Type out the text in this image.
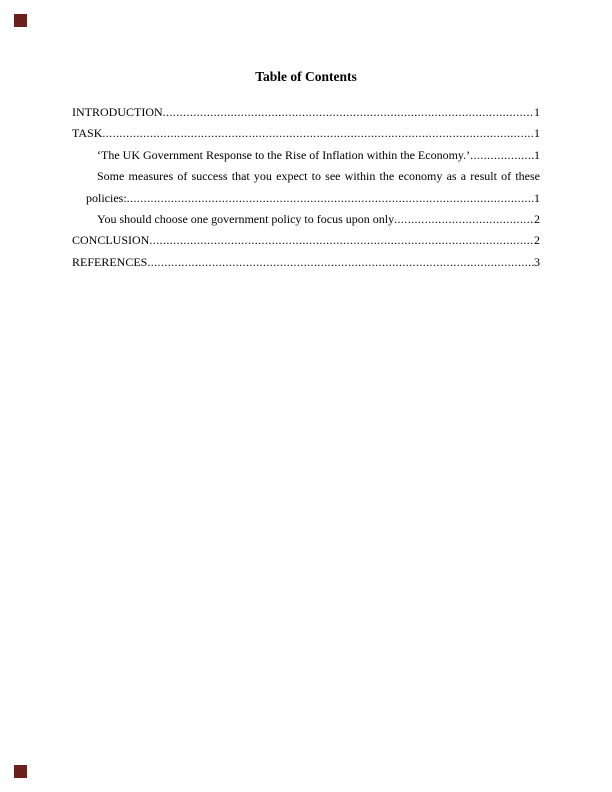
Table of Contents
INTRODUCTION .....	1
TASK .....	1
‘The UK Government Response to the Rise of Inflation within the Economy.’ .....	1
Some measures of success that you expect to see within the economy as a result of these
policies: .....	1
You should choose one government policy to focus upon only .....	2
CONCLUSION .....	2
REFERENCES .....	3
